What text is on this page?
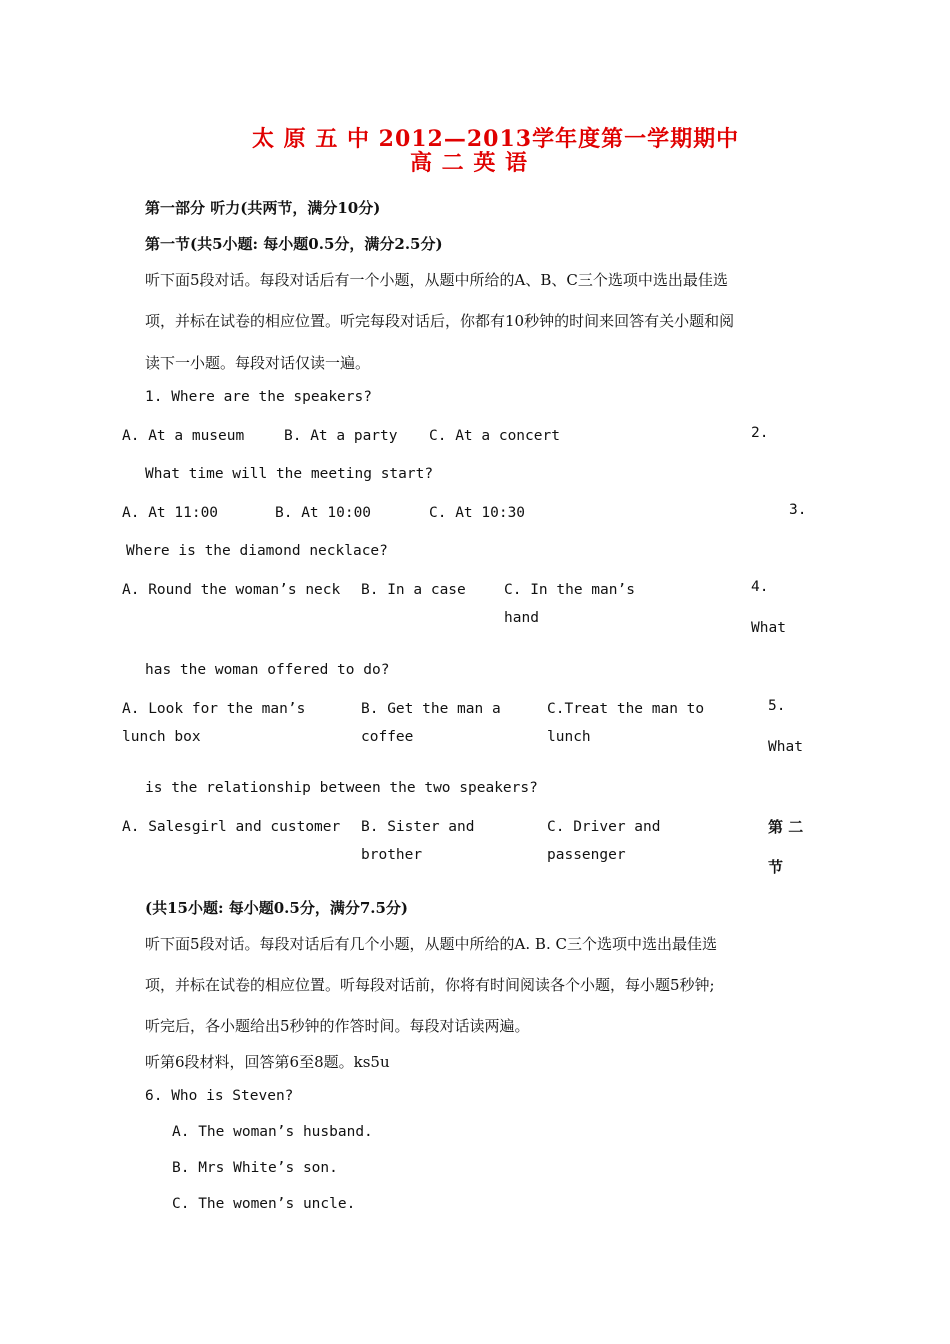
太 原 五 中 2012—2013学年度第一学期期中
高 二 英 语
第一部分 听力(共两节，满分10分)
第一节(共5小题: 每小题0.5分，满分2.5分)
听下面5段对话。每段对话后有一个小题，从题中所给的A、B、C三个选项中选出最佳选
项，并标在试卷的相应位置。听完每段对话后，你都有10秒钟的时间来回答有关小题和阅
读下一小题。每段对话仅读一遍。
1. Where are the speakers?
A. At a museum	B. At a party C. At a concert	2.
What time will the meeting start?
A. At 11:00	B. At 10:00	C. At 10:30	3.
Where is the diamond necklace?
A. Round the woman’s neck B. In a case	C. In the man’s
hand
4.
What
has the woman offered to do?
A. Look for the man’s
lunch box
B. Get the man a
coffee
C.Treat the man to
lunch
5.
What
is the relationship between the two speakers?
A. Salesgirl and customer B. Sister and
brother
C. Driver and
passenger
第 二
节
(共15小题: 每小题0.5分，满分7.5分)
听下面5段对话。每段对话后有几个小题，从题中所给的A. B. C三个选项中选出最佳选
项，并标在试卷的相应位置。听每段对话前，你将有时间阅读各个小题，每小题5秒钟;
听完后，各小题给出5秒钟的作答时间。每段对话读两遍。
听第6段材料，回答第6至8题。ks5u
6. Who is Steven?
A. The woman’s husband.
B. Mrs White’s son.
C. The women’s uncle.
